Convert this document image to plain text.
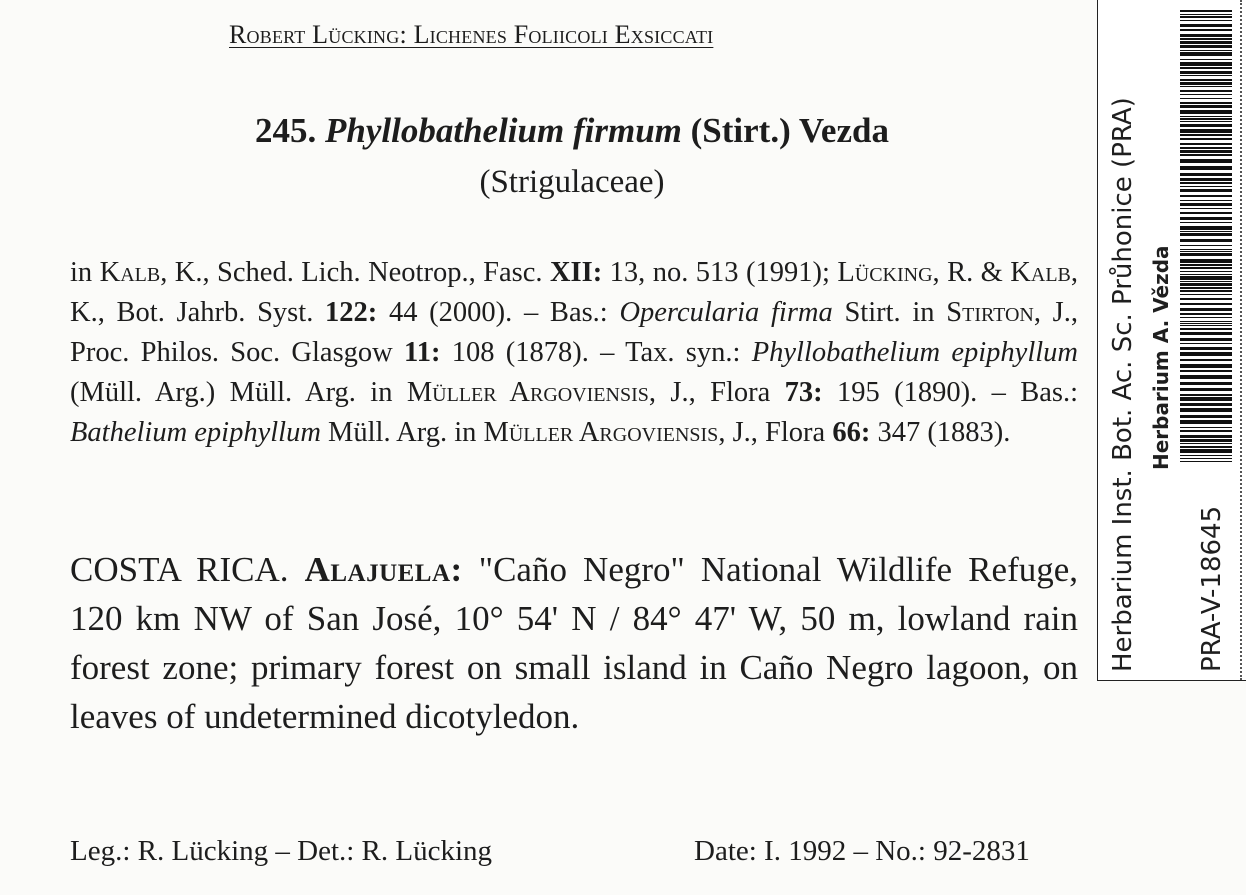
Robert Lücking: Lichenes Foliicoli Exsiccati
245. Phyllobathelium firmum (Stirt.) Vezda
(Strigulaceae)
in Kalb, K., Sched. Lich. Neotrop., Fasc. XII: 13, no. 513 (1991); Lücking, R. & Kalb, K., Bot. Jahrb. Syst. 122: 44 (2000). – Bas.: Opercularia firma Stirt. in Stirton, J., Proc. Philos. Soc. Glasgow 11: 108 (1878). – Tax. syn.: Phyllobathelium epiphyllum (Müll. Arg.) Müll. Arg. in Müller Argoviensis, J., Flora 73: 195 (1890). – Bas.: Bathelium epiphyllum Müll. Arg. in Müller Argoviensis, J., Flora 66: 347 (1883).
COSTA RICA. Alajuela: "Caño Negro" National Wildlife Refuge, 120 km NW of San José, 10° 54' N / 84° 47' W, 50 m, lowland rain forest zone; primary forest on small island in Caño Negro lagoon, on leaves of undetermined dicotyledon.
Leg.: R. Lücking – Det.: R. Lücking	Date: I. 1992 – No.: 92-2831
Herbarium Inst. Bot. Ac. Sc. Průhonice (PRA) Herbarium A. Vězda
PRA-V-18645
